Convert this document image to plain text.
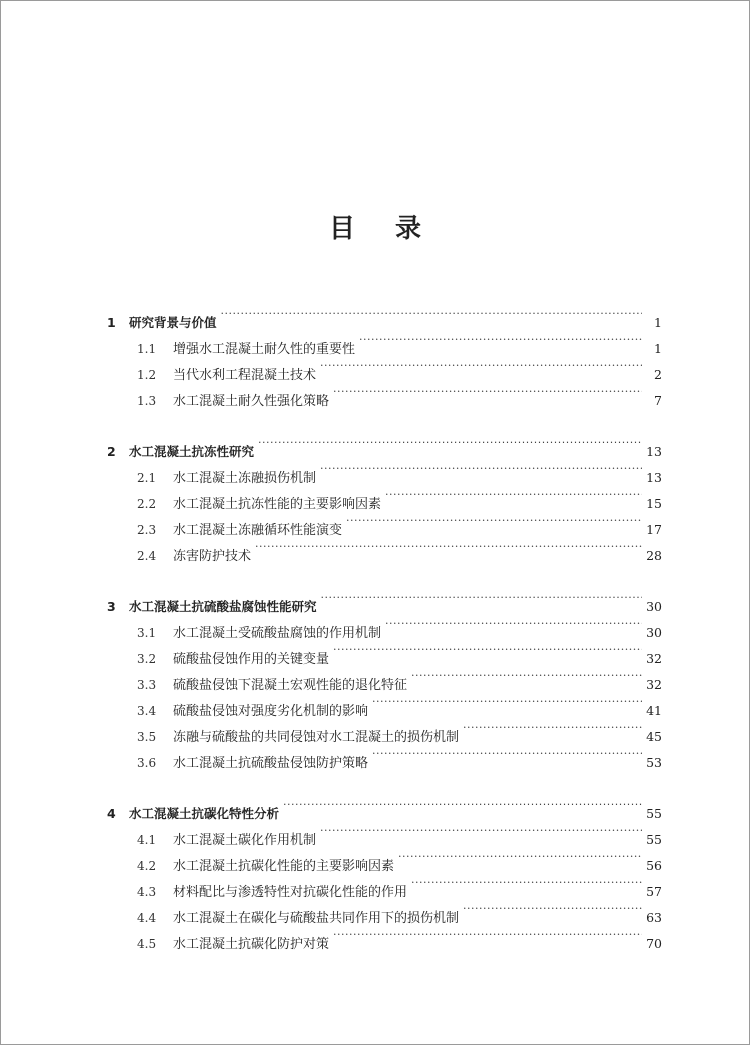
目录
1	研究背景与价值 ·····	1
1.1	增强水工混凝土耐久性的重要性 ·····	1
1.2	当代水利工程混凝土技术 ·····	2
1.3	水工混凝土耐久性强化策略 ·····	7
2	水工混凝土抗冻性研究 ·····	13
2.1	水工混凝土冻融损伤机制 ·····	13
2.2	水工混凝土抗冻性能的主要影响因素 ·····	15
2.3	水工混凝土冻融循环性能演变 ·····	17
2.4	冻害防护技术 ·····	28
3	水工混凝土抗硫酸盐腐蚀性能研究 ·····	30
3.1	水工混凝土受硫酸盐腐蚀的作用机制 ·····	30
3.2	硫酸盐侵蚀作用的关键变量 ·····	32
3.3	硫酸盐侵蚀下混凝土宏观性能的退化特征 ·····	32
3.4	硫酸盐侵蚀对强度劣化机制的影响 ·····	41
3.5	冻融与硫酸盐的共同侵蚀对水工混凝土的损伤机制 ·····	45
3.6	水工混凝土抗硫酸盐侵蚀防护策略 ·····	53
4	水工混凝土抗碳化特性分析 ·····	55
4.1	水工混凝土碳化作用机制 ·····	55
4.2	水工混凝土抗碳化性能的主要影响因素 ·····	56
4.3	材料配比与渗透特性对抗碳化性能的作用 ·····	57
4.4	水工混凝土在碳化与硫酸盐共同作用下的损伤机制 ·····	63
4.5	水工混凝土抗碳化防护对策 ·····	70
